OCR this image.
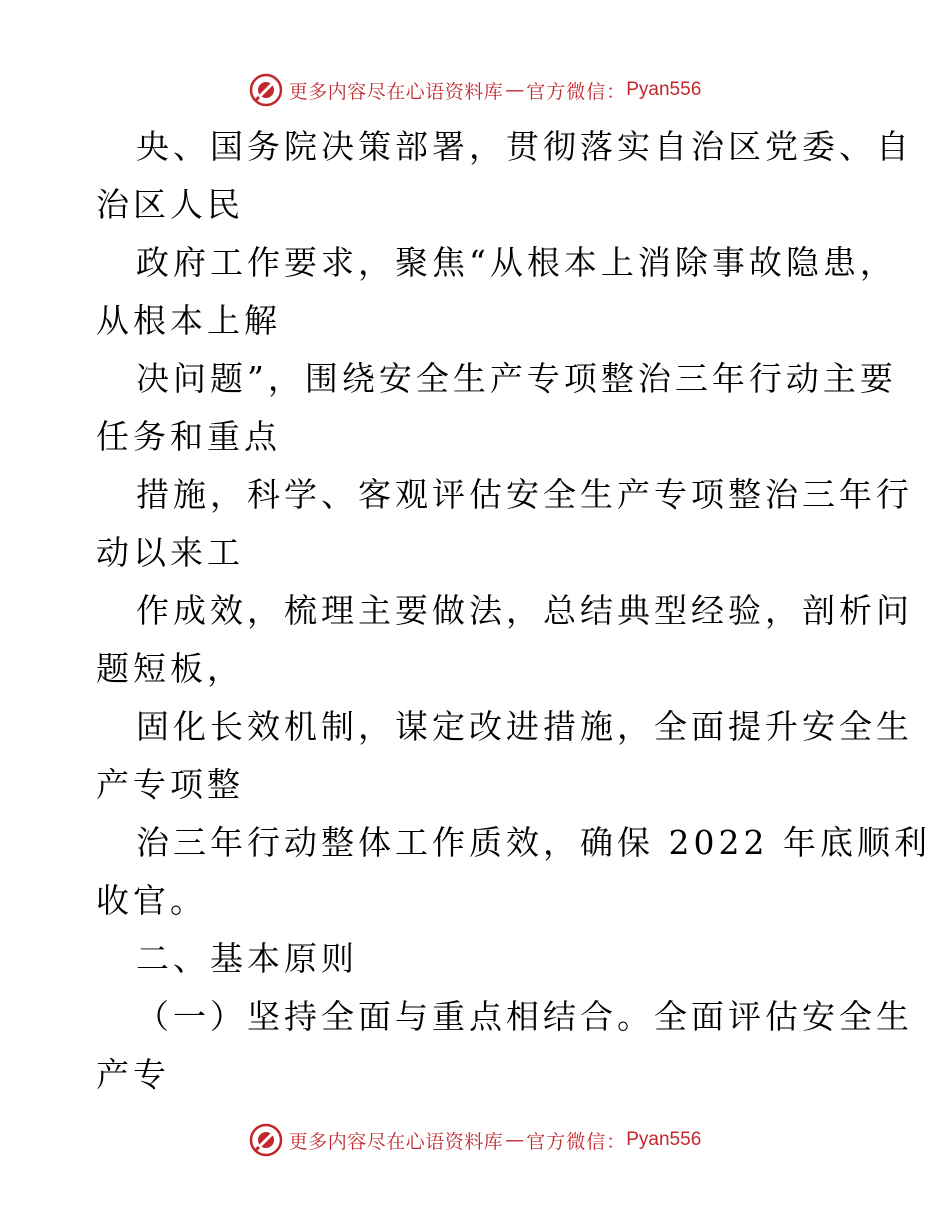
更多内容尽在心语资料库 — 官方微信： Pyan556
央、国务院决策部署，贯彻落实自治区党委、自
治区人民
政府工作要求，聚焦“从根本上消除事故隐患，
从根本上解
决问题”，围绕安全生产专项整治三年行动主要
任务和重点
措施，科学、客观评估安全生产专项整治三年行
动以来工
作成效，梳理主要做法，总结典型经验，剖析问
题短板，
固化长效机制，谋定改进措施，全面提升安全生
产专项整
治三年行动整体工作质效，确保 2022 年底顺利
收官。
二、基本原则
（一）坚持全面与重点相结合。全面评估安全生
产专
更多内容尽在心语资料库 — 官方微信： Pyan556
